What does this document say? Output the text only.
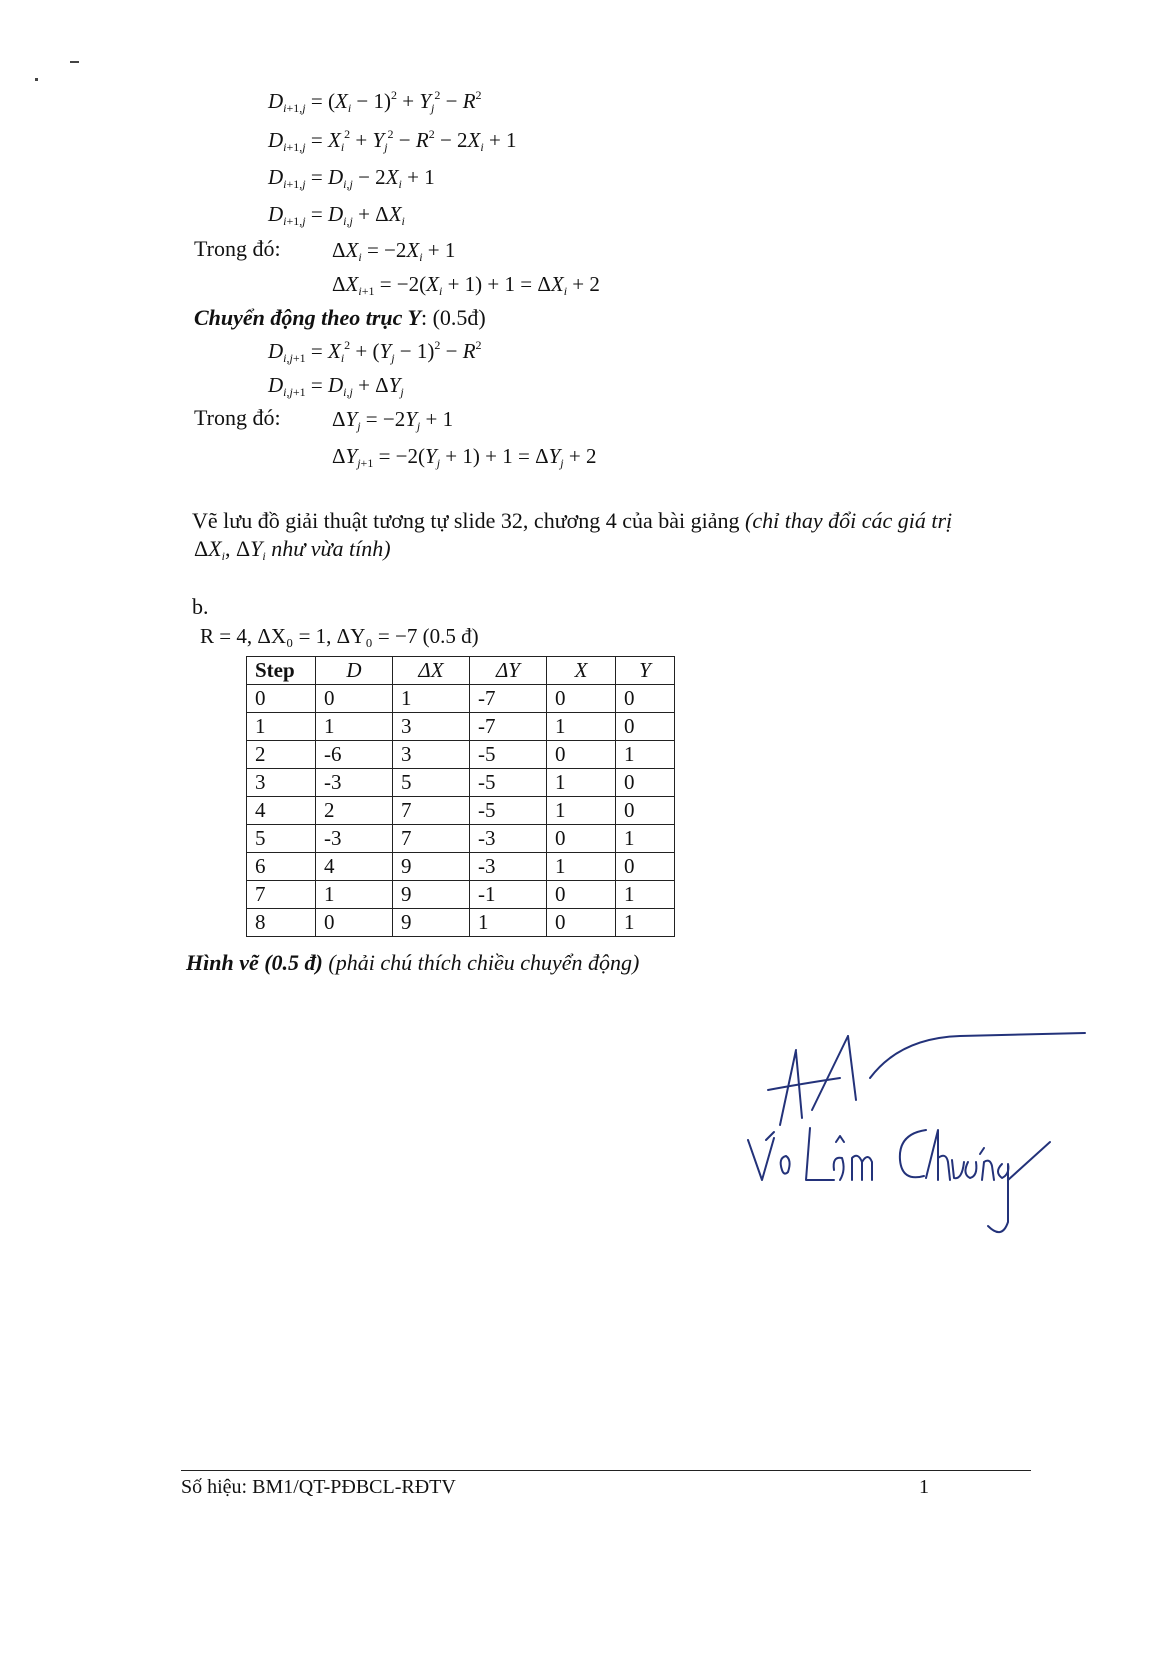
$D_{i+1,j} = (X_i - 1)^2 + Y_j^2 - R^2$
$D_{i+1,j} = X_i^2 + Y_j^2 - R^2 - 2X_i + 1$
$D_{i+1,j} = D_{i,j} - 2X_i + 1$
$D_{i+1,j} = D_{i,j} + \Delta X_i$
Trong đó: $\Delta X_i = -2X_i + 1$
$\Delta X_{i+1} = -2(X_i + 1) + 1 = \Delta X_i + 2$
Chuyển động theo trục Y: (0.5đ)
$D_{i,j+1} = X_i^2 + (Y_j - 1)^2 - R^2$
$D_{i,j+1} = D_{i,j} + \Delta Y_j$
Trong đó: $\Delta Y_j = -2Y_j + 1$
$\Delta Y_{j+1} = -2(Y_j + 1) + 1 = \Delta Y_j + 2$
Vẽ lưu đồ giải thuật tương tự slide 32, chương 4 của bài giảng (chỉ thay đổi các giá trị
$\Delta X_i$, $\Delta Y_i$ như vừa tính)
b.
R = 4, ΔX₀ = 1, ΔY₀ = −7 (0.5 đ)
Step	D	ΔX	ΔY	X	Y
0	0	1	-7	0	0
1	1	3	-7	1	0
2	-6	3	-5	0	1
3	-3	5	-5	1	0
4	2	7	-5	1	0
5	-3	7	-3	0	1
6	4	9	-3	1	0
7	1	9	-1	0	1
8	0	9	1	0	1
Hình vẽ (0.5 đ) (phải chú thích chiều chuyển động)
Số hiệu: BM1/QT-PĐBCL-RĐTV	1
